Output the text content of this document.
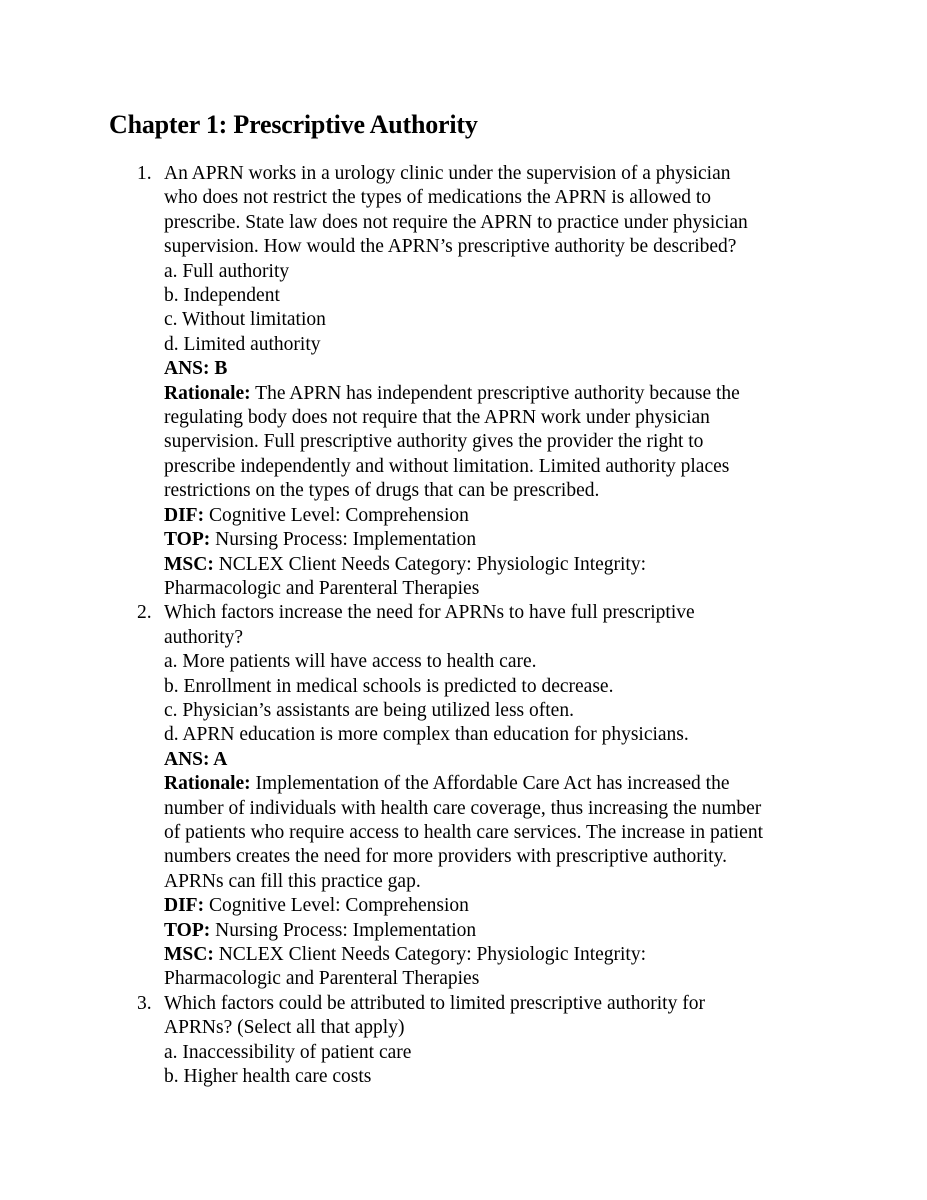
Chapter 1: Prescriptive Authority
1. An APRN works in a urology clinic under the supervision of a physician
who does not restrict the types of medications the APRN is allowed to
prescribe. State law does not require the APRN to practice under physician
supervision. How would the APRN’s prescriptive authority be described?
a. Full authority
b. Independent
c. Without limitation
d. Limited authority
ANS: B
Rationale: The APRN has independent prescriptive authority because the
regulating body does not require that the APRN work under physician
supervision. Full prescriptive authority gives the provider the right to
prescribe independently and without limitation. Limited authority places
restrictions on the types of drugs that can be prescribed.
DIF: Cognitive Level: Comprehension
TOP: Nursing Process: Implementation
MSC: NCLEX Client Needs Category: Physiologic Integrity:
Pharmacologic and Parenteral Therapies
2. Which factors increase the need for APRNs to have full prescriptive
authority?
a. More patients will have access to health care.
b. Enrollment in medical schools is predicted to decrease.
c. Physician’s assistants are being utilized less often.
d. APRN education is more complex than education for physicians.
ANS: A
Rationale: Implementation of the Affordable Care Act has increased the
number of individuals with health care coverage, thus increasing the number
of patients who require access to health care services. The increase in patient
numbers creates the need for more providers with prescriptive authority.
APRNs can fill this practice gap.
DIF: Cognitive Level: Comprehension
TOP: Nursing Process: Implementation
MSC: NCLEX Client Needs Category: Physiologic Integrity:
Pharmacologic and Parenteral Therapies
3. Which factors could be attributed to limited prescriptive authority for
APRNs? (Select all that apply)
a. Inaccessibility of patient care
b. Higher health care costs
